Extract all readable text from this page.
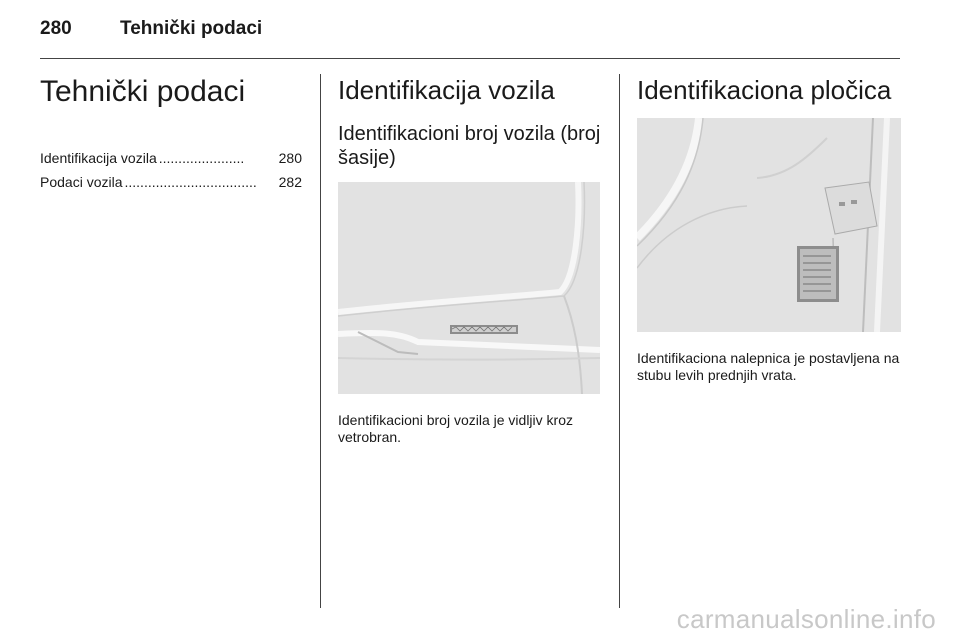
280	Tehnički podaci
Tehnički podaci
Identifikacija vozila ......................	280
Podaci vozila ..................................	282
Identifikacija vozila
Identifikacioni broj vozila (broj šasije)

Identifikacioni broj vozila je vidljiv kroz vetrobran.

Identifikaciona pločica

Identifikaciona nalepnica je postavljena na stubu levih prednjih vrata.

carmanualsonline.info
